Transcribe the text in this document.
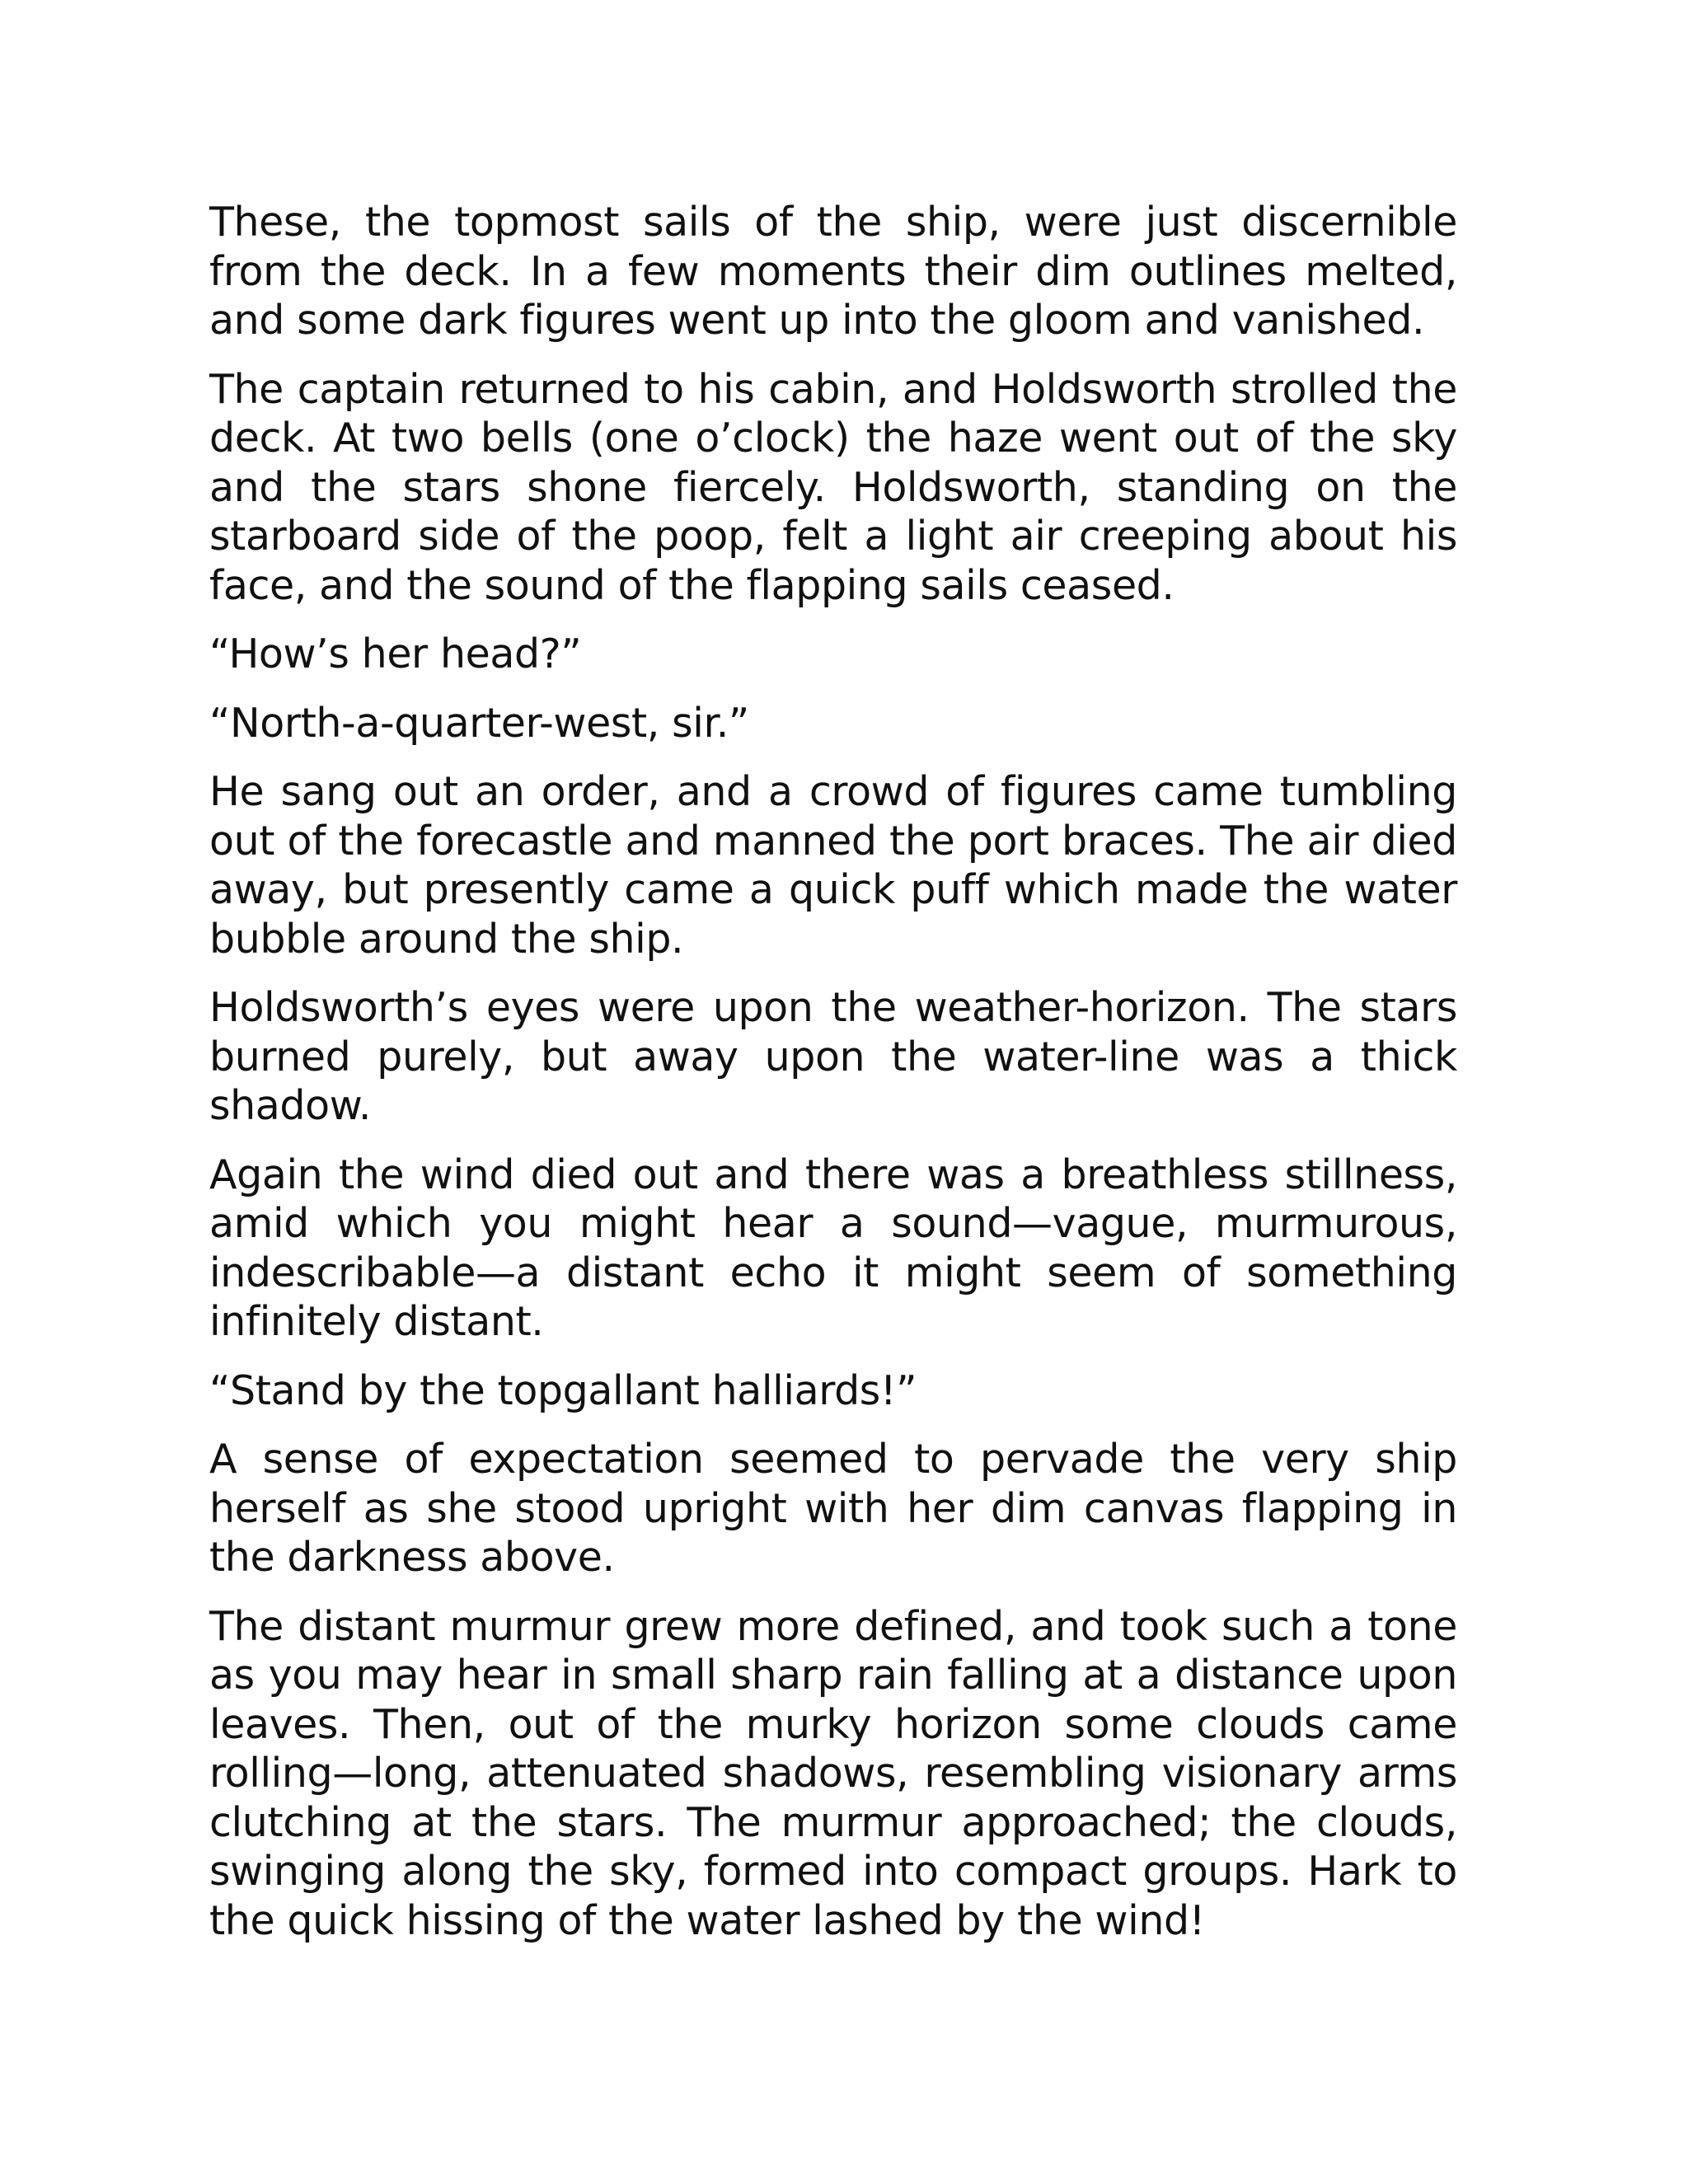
These, the topmost sails of the ship, were just discernible from the deck. In a few moments their dim outlines melted, and some dark figures went up into the gloom and vanished.

The captain returned to his cabin, and Holdsworth strolled the deck. At two bells (one o’clock) the haze went out of the sky and the stars shone fiercely. Holdsworth, standing on the starboard side of the poop, felt a light air creeping about his face, and the sound of the flapping sails ceased.

“How’s her head?”

“North-a-quarter-west, sir.”

He sang out an order, and a crowd of figures came tumbling out of the forecastle and manned the port braces. The air died away, but presently came a quick puff which made the water bubble around the ship.

Holdsworth’s eyes were upon the weather-horizon. The stars burned purely, but away upon the water-line was a thick shadow.

Again the wind died out and there was a breathless stillness, amid which you might hear a sound—vague, murmurous, indescribable—a distant echo it might seem of something infinitely distant.

“Stand by the topgallant halliards!”

A sense of expectation seemed to pervade the very ship herself as she stood upright with her dim canvas flapping in the darkness above.

The distant murmur grew more defined, and took such a tone as you may hear in small sharp rain falling at a distance upon leaves. Then, out of the murky horizon some clouds came rolling—long, attenuated shadows, resembling visionary arms clutching at the stars. The murmur approached; the clouds, swinging along the sky, formed into compact groups. Hark to the quick hissing of the water lashed by the wind!
